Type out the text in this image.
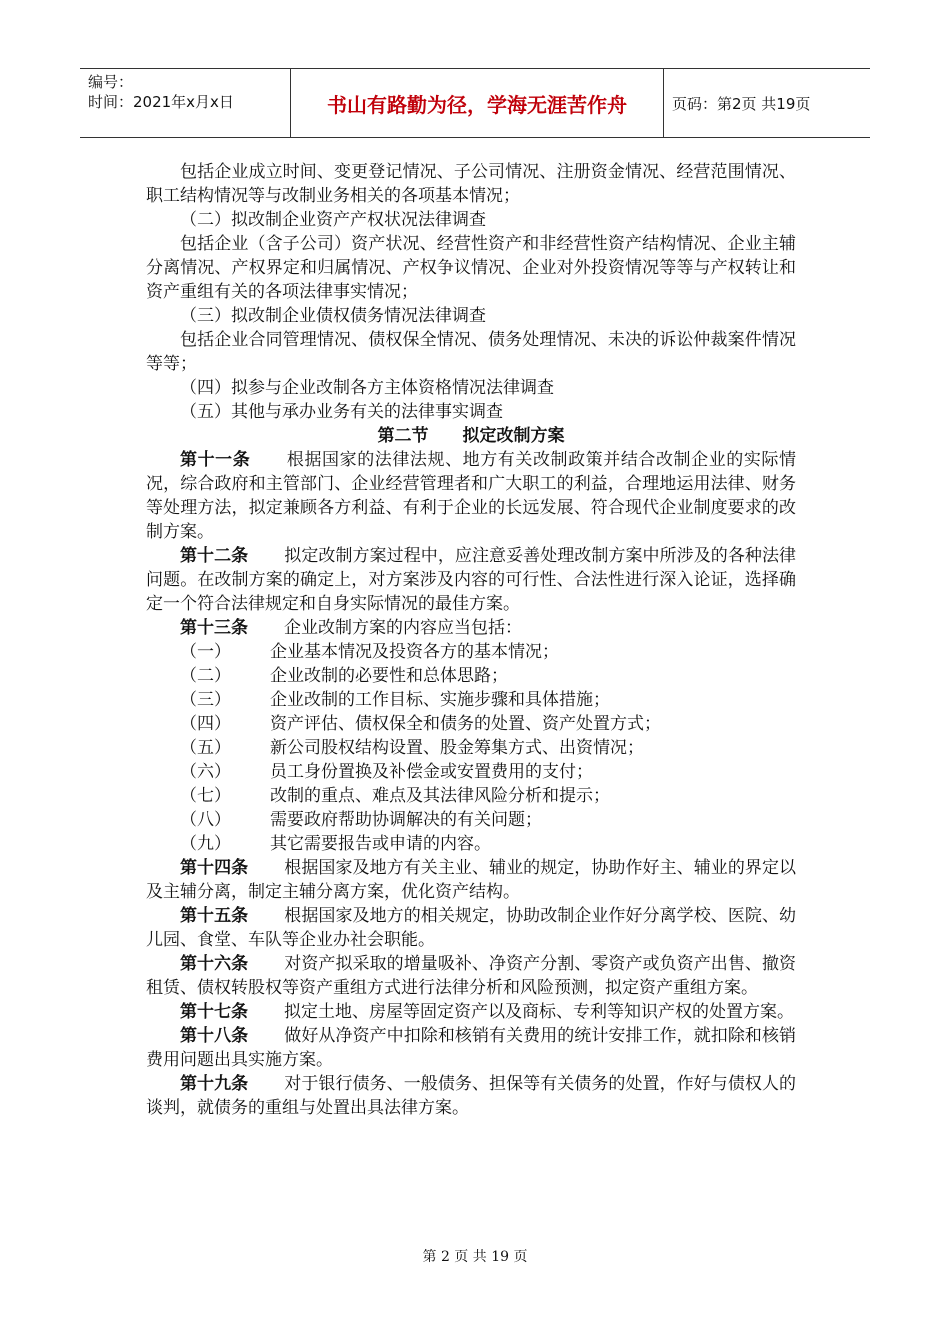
编号：
时间：2021年x月x日	书山有路勤为径，学海无涯苦作舟	页码：第2页 共19页

包括企业成立时间、变更登记情况、子公司情况、注册资金情况、经营范围情况、职工结构情况等与改制业务相关的各项基本情况；

（二）拟改制企业资产产权状况法律调查

包括企业（含子公司）资产状况、经营性资产和非经营性资产结构情况、企业主辅分离情况、产权界定和归属情况、产权争议情况、企业对外投资情况等等与产权转让和资产重组有关的各项法律事实情况；

（三）拟改制企业债权债务情况法律调查

包括企业合同管理情况、债权保全情况、债务处理情况、未决的诉讼仲裁案件情况等等；

（四）拟参与企业改制各方主体资格情况法律调查

（五）其他与承办业务有关的法律事实调查

第二节　　拟定改制方案

第十一条 根据国家的法律法规、地方有关改制政策并结合改制企业的实际情况，综合政府和主管部门、企业经营管理者和广大职工的利益，合理地运用法律、财务等处理方法，拟定兼顾各方利益、有利于企业的长远发展、符合现代企业制度要求的改制方案。

第十二条 拟定改制方案过程中，应注意妥善处理改制方案中所涉及的各种法律问题。在改制方案的确定上，对方案涉及内容的可行性、合法性进行深入论证，选择确定一个符合法律规定和自身实际情况的最佳方案。

第十三条 企业改制方案的内容应当包括：

（一）	企业基本情况及投资各方的基本情况；
（二）	企业改制的必要性和总体思路；
（三）	企业改制的工作目标、实施步骤和具体措施；
（四）	资产评估、债权保全和债务的处置、资产处置方式；
（五）	新公司股权结构设置、股金筹集方式、出资情况；
（六）	员工身份置换及补偿金或安置费用的支付；
（七）	改制的重点、难点及其法律风险分析和提示；
（八）	需要政府帮助协调解决的有关问题；
（九）	其它需要报告或申请的内容。

第十四条 根据国家及地方有关主业、辅业的规定，协助作好主、辅业的界定以及主辅分离，制定主辅分离方案，优化资产结构。

第十五条 根据国家及地方的相关规定，协助改制企业作好分离学校、医院、幼儿园、食堂、车队等企业办社会职能。

第十六条 对资产拟采取的增量吸补、净资产分割、零资产或负资产出售、撤资租赁、债权转股权等资产重组方式进行法律分析和风险预测，拟定资产重组方案。

第十七条 拟定土地、房屋等固定资产以及商标、专利等知识产权的处置方案。

第十八条 做好从净资产中扣除和核销有关费用的统计安排工作，就扣除和核销费用问题出具实施方案。

第十九条 对于银行债务、一般债务、担保等有关债务的处置，作好与债权人的谈判，就债务的重组与处置出具法律方案。

第 2 页 共 19 页
